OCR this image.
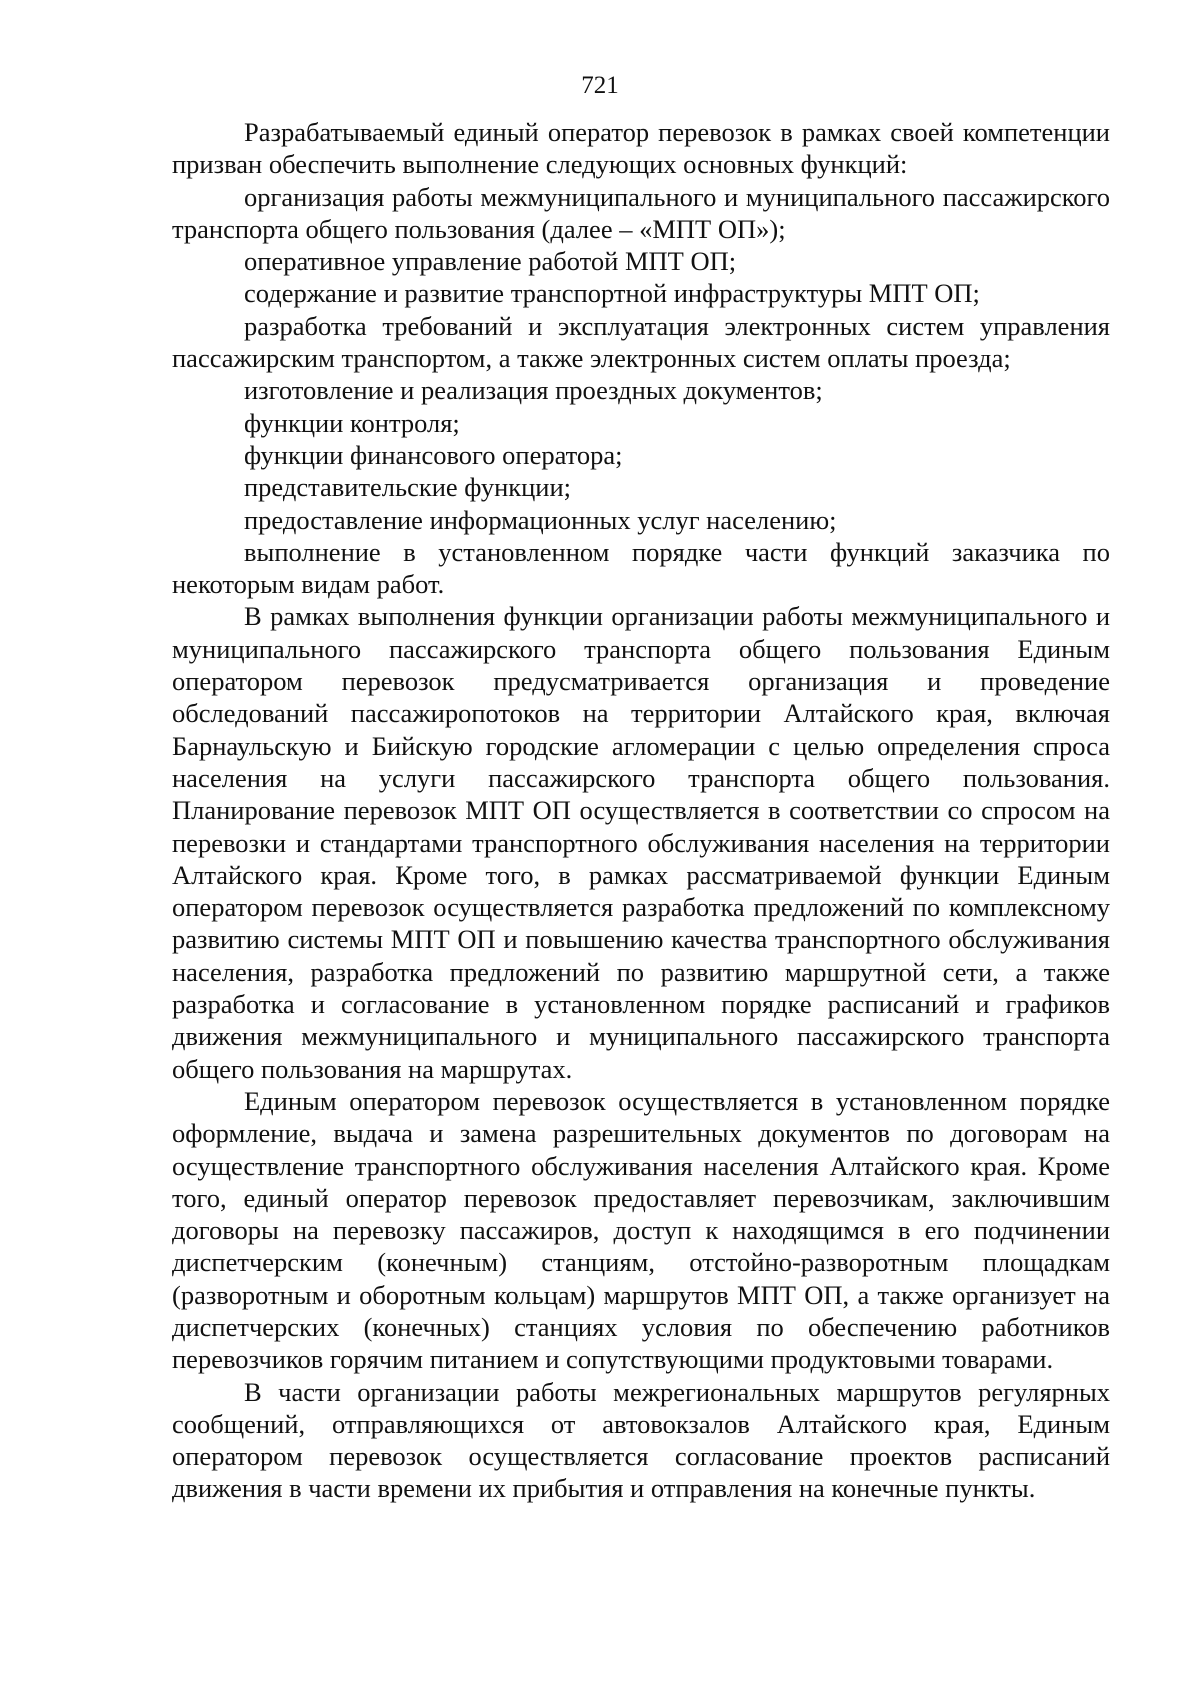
721

Разрабатываемый единый оператор перевозок в рамках своей компетенции призван обеспечить выполнение следующих основных функций:

организация работы межмуниципального и муниципального пассажирского транспорта общего пользования (далее – «МПТ ОП»);

оперативное управление работой МПТ ОП;

содержание и развитие транспортной инфраструктуры МПТ ОП;

разработка требований и эксплуатация электронных систем управления пассажирским транспортом, а также электронных систем оплаты проезда;

изготовление и реализация проездных документов;

функции контроля;

функции финансового оператора;

представительские функции;

предоставление информационных услуг населению;

выполнение в установленном порядке части функций заказчика по некоторым видам работ.

В рамках выполнения функции организации работы межмуниципального и муниципального пассажирского транспорта общего пользования Единым оператором перевозок предусматривается организация и проведение обследований пассажиропотоков на территории Алтайского края, включая Барнаульскую и Бийскую городские агломерации с целью определения спроса населения на услуги пассажирского транспорта общего пользования. Планирование перевозок МПТ ОП осуществляется в соответствии со спросом на перевозки и стандартами транспортного обслуживания населения на территории Алтайского края. Кроме того, в рамках рассматриваемой функции Единым оператором перевозок осуществляется разработка предложений по комплексному развитию системы МПТ ОП и повышению качества транспортного обслуживания населения, разработка предложений по развитию маршрутной сети, а также разработка и согласование в установленном порядке расписаний и графиков движения межмуниципального и муниципального пассажирского транспорта общего пользования на маршрутах.

Единым оператором перевозок осуществляется в установленном порядке оформление, выдача и замена разрешительных документов по договорам на осуществление транспортного обслуживания населения Алтайского края. Кроме того, единый оператор перевозок предоставляет перевозчикам, заключившим договоры на перевозку пассажиров, доступ к находящимся в его подчинении диспетчерским (конечным) станциям, отстойно-разворотным площадкам (разворотным и оборотным кольцам) маршрутов МПТ ОП, а также организует на диспетчерских (конечных) станциях условия по обеспечению работников перевозчиков горячим питанием и сопутствующими продуктовыми товарами.

В части организации работы межрегиональных маршрутов регулярных сообщений, отправляющихся от автовокзалов Алтайского края, Единым оператором перевозок осуществляется согласование проектов расписаний движения в части времени их прибытия и отправления на конечные пункты.
